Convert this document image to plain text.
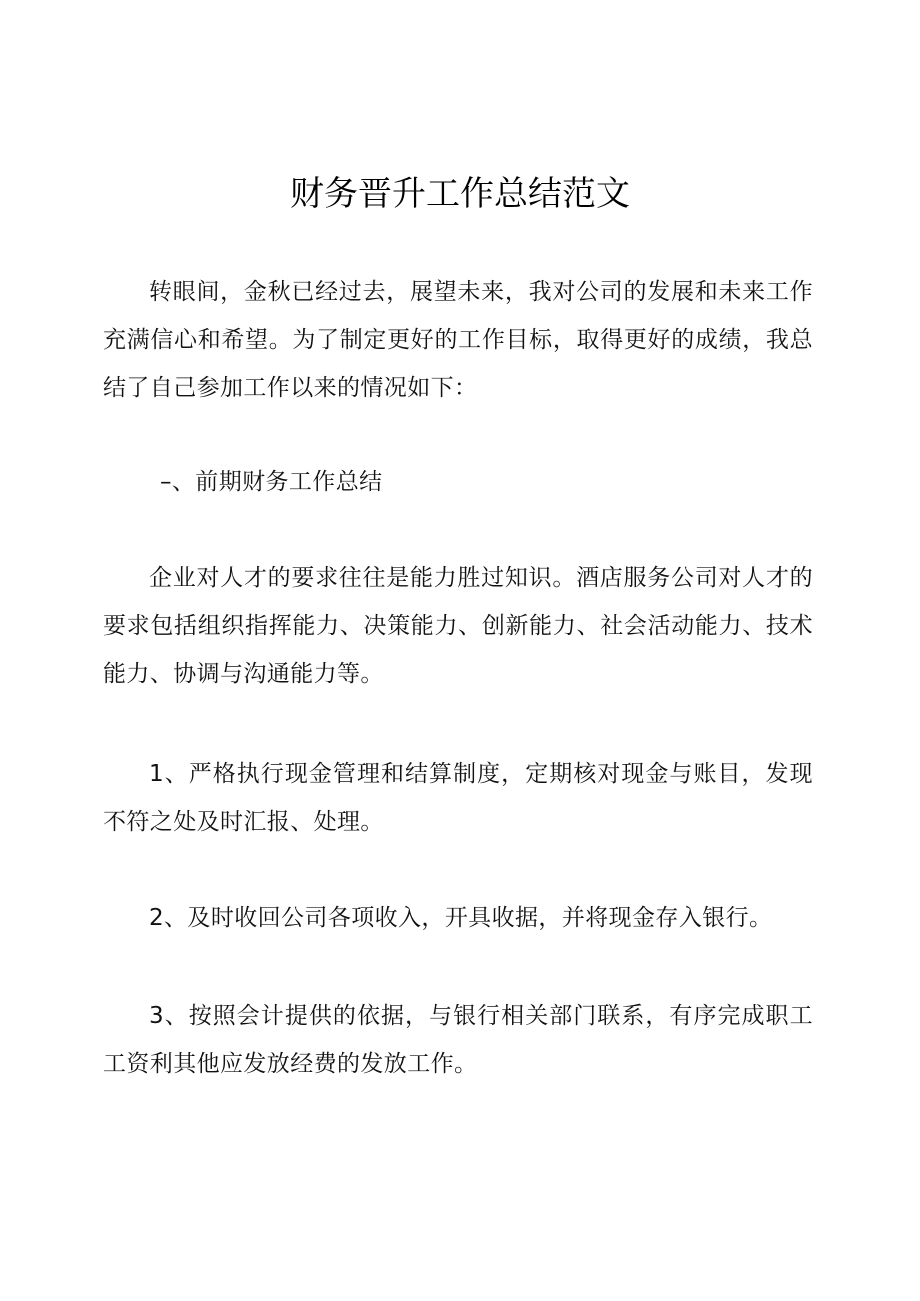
财务晋升工作总结范文

转眼间，金秋已经过去，展望未来，我对公司的发展和未来工作充满信心和希望。为了制定更好的工作目标，取得更好的成绩，我总结了自己参加工作以来的情况如下：

–、前期财务工作总结

企业对人才的要求往往是能力胜过知识。酒店服务公司对人才的要求包括组织指挥能力、决策能力、创新能力、社会活动能力、技术能力、协调与沟通能力等。

1、严格执行现金管理和结算制度，定期核对现金与账目，发现不符之处及时汇报、处理。

2、及时收回公司各项收入，开具收据，并将现金存入银行。

3、按照会计提供的依据，与银行相关部门联系，有序完成职工工资利其他应发放经费的发放工作。
